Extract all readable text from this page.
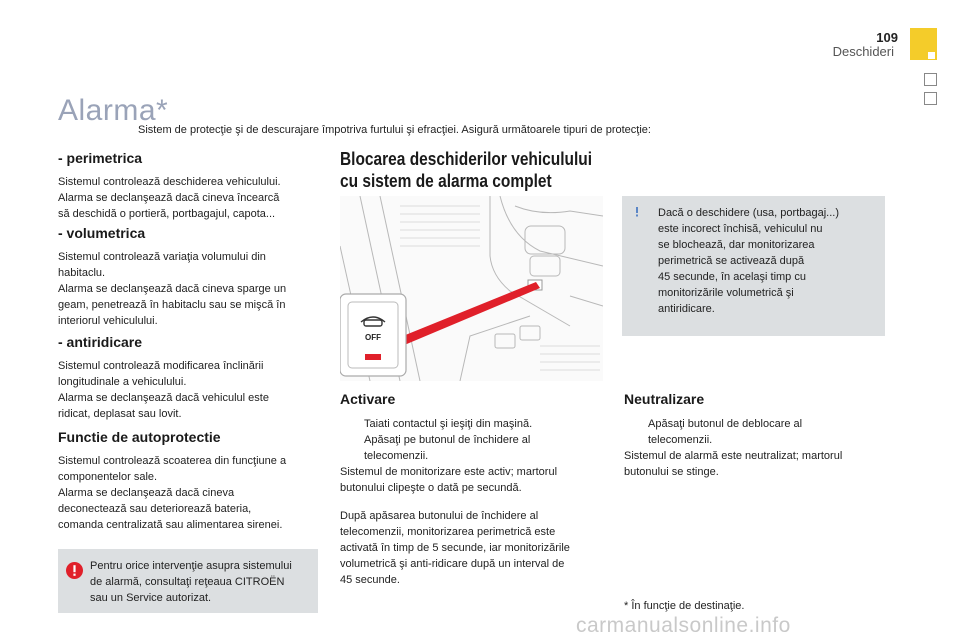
109
Deschideri
Alarma*
Sistem de protecţie şi de descurajare împotriva furtului şi efracţiei. Asigură următoarele tipuri de protecţie:
- perimetrica
Sistemul controlează deschiderea vehiculului.
Alarma se declanşează dacă cineva încearcă
să deschidă o portieră, portbagajul, capota...
- volumetrica
Sistemul controlează variaţia volumului din
habitaclu.
Alarma se declanşează dacă cineva sparge un
geam, penetrează în habitaclu sau se mişcă în
interiorul vehiculului.
- antiridicare
Sistemul controlează modificarea înclinării
longitudinale a vehiculului.
Alarma se declanşează dacă vehiculul este
ridicat, deplasat sau lovit.
Functie de autoprotectie
Sistemul controlează scoaterea din funcţiune a
componentelor sale.
Alarma se declanşează dacă cineva
deconectează sau deteriorează bateria,
comanda centralizată sau alimentarea sirenei.
Pentru orice intervenţie asupra sistemului
de alarmă, consultaţi reţeaua CITROËN
sau un Service autorizat.
Blocarea deschiderilor vehiculului
cu sistem de alarma complet
OFF
Dacă o deschidere (usa, portbagaj...)
este incorect închisă, vehiculul nu
se blochează, dar monitorizarea
perimetrică se activează după
45 secunde, în acelaşi timp cu
monitorizările volumetrică şi
antiridicare.
Activare
Taiati contactul şi ieşiţi din maşină.
Apăsaţi pe butonul de închidere al
telecomenzii.
Sistemul de monitorizare este activ; martorul
butonului clipeşte o dată pe secundă.
După apăsarea butonului de închidere al
telecomenzii, monitorizarea perimetrică este
activată în timp de 5 secunde, iar monitorizările
volumetrică şi anti-ridicare după un interval de
45 secunde.
Neutralizare
Apăsaţi butonul de deblocare al
telecomenzii.
Sistemul de alarmă este neutralizat; martorul
butonului se stinge.
* În funcţie de destinaţie.
carmanualsonline.info
